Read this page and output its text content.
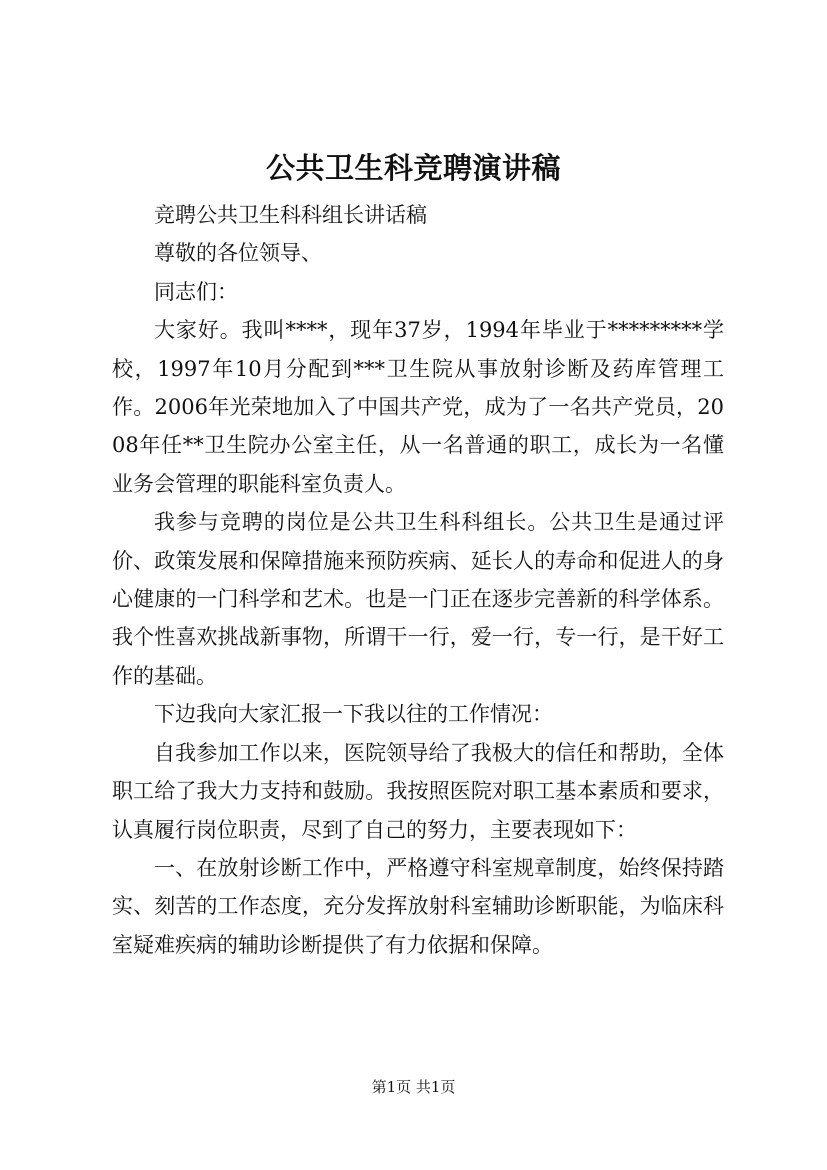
公共卫生科竞聘演讲稿

竞聘公共卫生科科组长讲话稿

尊敬的各位领导、

同志们：

大家好。我叫****，现年37岁，1994年毕业于*********学校，1997年10月分配到***卫生院从事放射诊断及药库管理工作。2006年光荣地加入了中国共产党，成为了一名共产党员，2008年任**卫生院办公室主任，从一名普通的职工，成长为一名懂业务会管理的职能科室负责人。

我参与竞聘的岗位是公共卫生科科组长。公共卫生是通过评价、政策发展和保障措施来预防疾病、延长人的寿命和促进人的身心健康的一门科学和艺术。也是一门正在逐步完善新的科学体系。我个性喜欢挑战新事物，所谓干一行，爱一行，专一行，是干好工作的基础。

下边我向大家汇报一下我以往的工作情况：

自我参加工作以来，医院领导给了我极大的信任和帮助，全体职工给了我大力支持和鼓励。我按照医院对职工基本素质和要求，认真履行岗位职责，尽到了自己的努力，主要表现如下：

一、在放射诊断工作中，严格遵守科室规章制度，始终保持踏实、刻苦的工作态度，充分发挥放射科室辅助诊断职能，为临床科室疑难疾病的辅助诊断提供了有力依据和保障。

第1页 共1页
